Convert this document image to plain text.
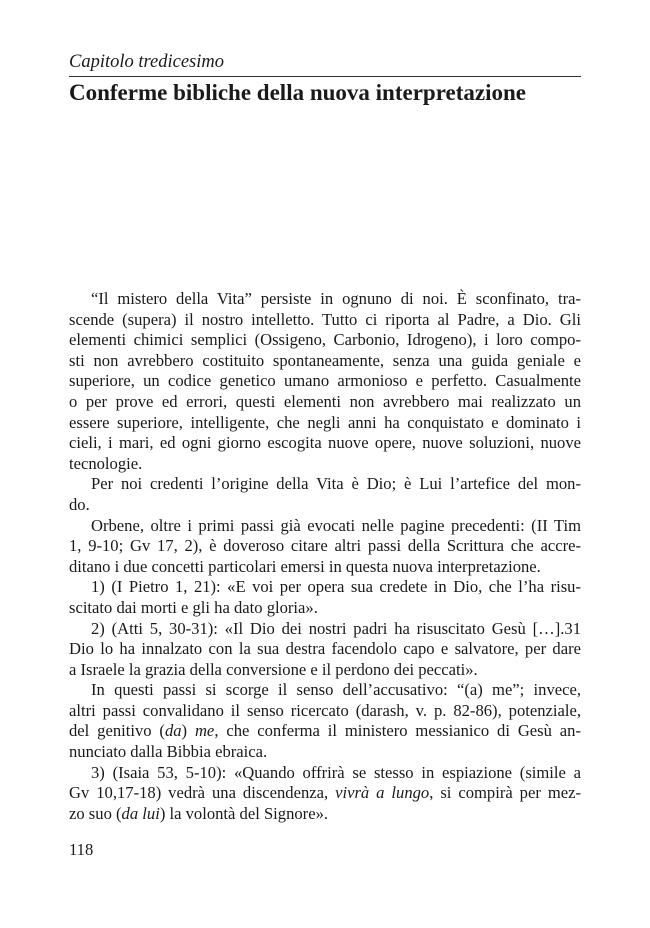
Capitolo tredicesimo
Conferme bibliche della nuova interpretazione
“Il mistero della Vita” persiste in ognuno di noi. È sconfinato, tra-
scende (supera) il nostro intelletto. Tutto ci riporta al Padre, a Dio. Gli
elementi chimici semplici (Ossigeno, Carbonio, Idrogeno), i loro compo-
sti non avrebbero costituito spontaneamente, senza una guida geniale e
superiore, un codice genetico umano armonioso e perfetto. Casualmente
o per prove ed errori, questi elementi non avrebbero mai realizzato un
essere superiore, intelligente, che negli anni ha conquistato e dominato i
cieli, i mari, ed ogni giorno escogita nuove opere, nuove soluzioni, nuove
tecnologie.
Per noi credenti l’origine della Vita è Dio; è Lui l’artefice del mon-
do.
Orbene, oltre i primi passi già evocati nelle pagine precedenti: (II Tim
1, 9-10; Gv 17, 2), è doveroso citare altri passi della Scrittura che accre-
ditano i due concetti particolari emersi in questa nuova interpretazione.
1) (I Pietro 1, 21): «E voi per opera sua credete in Dio, che l’ha risu-
scitato dai morti e gli ha dato gloria».
2) (Atti 5, 30-31): «Il Dio dei nostri padri ha risuscitato Gesù […].31
Dio lo ha innalzato con la sua destra facendolo capo e salvatore, per dare
a Israele la grazia della conversione e il perdono dei peccati».
In questi passi si scorge il senso dell’accusativo: “(a) me”; invece,
altri passi convalidano il senso ricercato (darash, v. p. 82-86), potenziale,
del genitivo (da) me, che conferma il ministero messianico di Gesù an-
nunciato dalla Bibbia ebraica.
3) (Isaia 53, 5-10): «Quando offrirà se stesso in espiazione (simile a
Gv 10,17-18) vedrà una discendenza, vivrà a lungo, si compirà per mez-
zo suo (da lui) la volontà del Signore».
118
